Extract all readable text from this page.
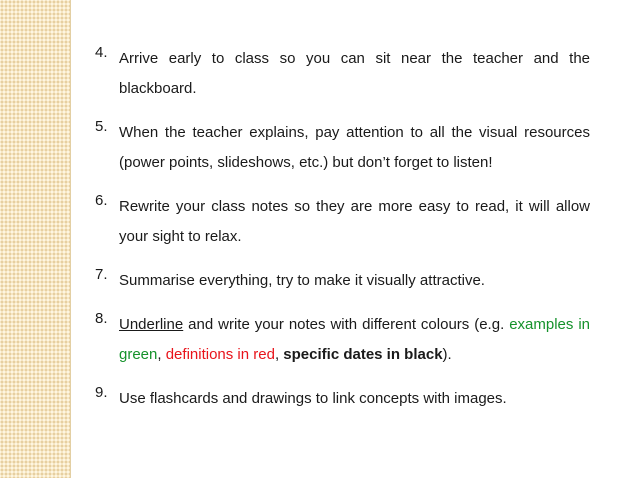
4. Arrive early to class so you can sit near the teacher and the blackboard.
5. When the teacher explains, pay attention to all the visual resources (power points, slideshows, etc.) but don’t forget to listen!
6. Rewrite your class notes so they are more easy to read, it will allow your sight to relax.
7. Summarise everything, try to make it visually attractive.
8. Underline and write your notes with different colours (e.g. examples in green, definitions in red, specific dates in black).
9. Use flashcards and drawings to link concepts with images.
